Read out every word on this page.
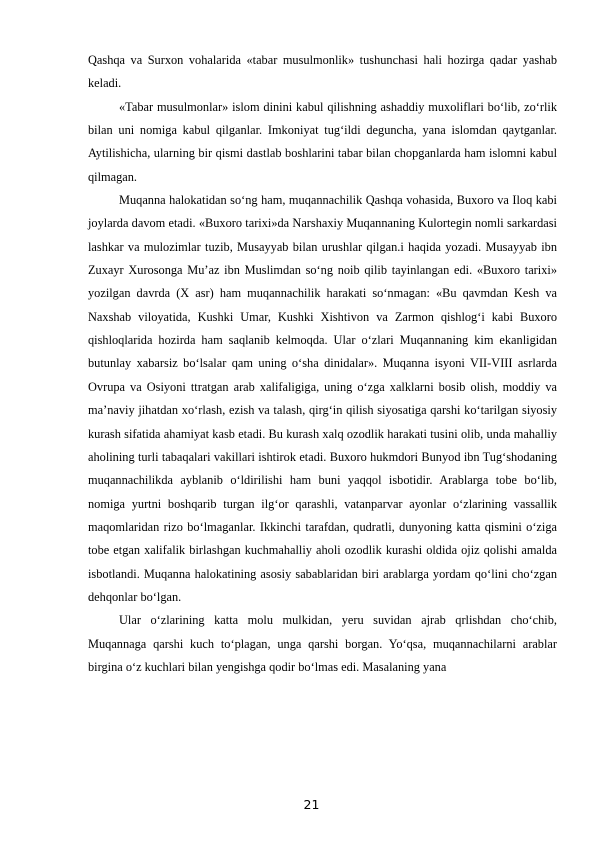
Qashqa va Surxon vohalarida «tabar musulmonlik» tushunchasi hali hozirga qadar yashab keladi.

«Tabar musulmonlar» islom dinini kabul qilishning ashaddiy muxoliflari bo‘lib, zo‘rlik bilan uni nomiga kabul qilganlar. Imkoniyat tug‘ildi deguncha, yana islomdan qaytganlar. Aytilishicha, ularning bir qismi dastlab boshlarini tabar bilan chopganlarda ham islomni kabul qilmagan.

Muqanna halokatidan so‘ng ham, muqannachilik Qashqa vohasida, Buxoro va Iloq kabi joylarda davom etadi. «Buxoro tarixi»da Narshaxiy Muqannaning Kulortegin nomli sarkardasi lashkar va mulozimlar tuzib, Musayyab bilan urushlar qilgan.i haqida yozadi. Musayyab ibn Zuxayr Xurosonga Mu’az ibn Muslimdan so‘ng noib qilib tayinlangan edi. «Buxoro tarixi» yozilgan davrda (X asr) ham muqannachilik harakati so‘nmagan: «Bu qavmdan Kesh va Naxshab viloyatida, Kushki Umar, Kushki Xishtivon va Zarmon qishlog‘i kabi Buxoro qishloqlarida hozirda ham saqlanib kelmoqda. Ular o‘zlari Muqannaning kim ekanligidan butunlay xabarsiz bo‘lsalar qam uning o‘sha dinidalar». Muqanna isyoni VII-VIII asrlarda Ovrupa va Osiyoni ttratgan arab xalifaligiga, uning o‘zga xalklarni bosib olish, moddiy va ma’naviy jihatdan xo‘rlash, ezish va talash, qirg‘in qilish siyosatiga qarshi ko‘tarilgan siyosiy kurash sifatida ahamiyat kasb etadi. Bu kurash xalq ozodlik harakati tusini olib, unda mahalliy aholining turli tabaqalari vakillari ishtirok etadi. Buxoro hukmdori Bunyod ibn Tug‘shodaning muqannachilikda ayblanib o‘ldirilishi ham buni yaqqol isbotidir. Arablarga tobe bo‘lib, nomiga yurtni boshqarib turgan ilg‘or qarashli, vatanparvar ayonlar o‘zlarining vassallik maqomlaridan rizo bo‘lmaganlar. Ikkinchi tarafdan, qudratli, dunyoning katta qismini o‘ziga tobe etgan xalifalik birlashgan kuchmahalliy aholi ozodlik kurashi oldida ojiz qolishi amalda isbotlandi. Muqanna halokatining asosiy sabablaridan biri arablarga yordam qo‘lini cho‘zgan dehqonlar bo‘lgan.

Ular o‘zlarining katta molu mulkidan, yeru suvidan ajrab qrlishdan cho‘chib, Muqannaga qarshi kuch to‘plagan, unga qarshi borgan. Yo‘qsa, muqannachilarni arablar birgina o‘z kuchlari bilan yengishga qodir bo‘lmas edi. Masalaning yana

21
